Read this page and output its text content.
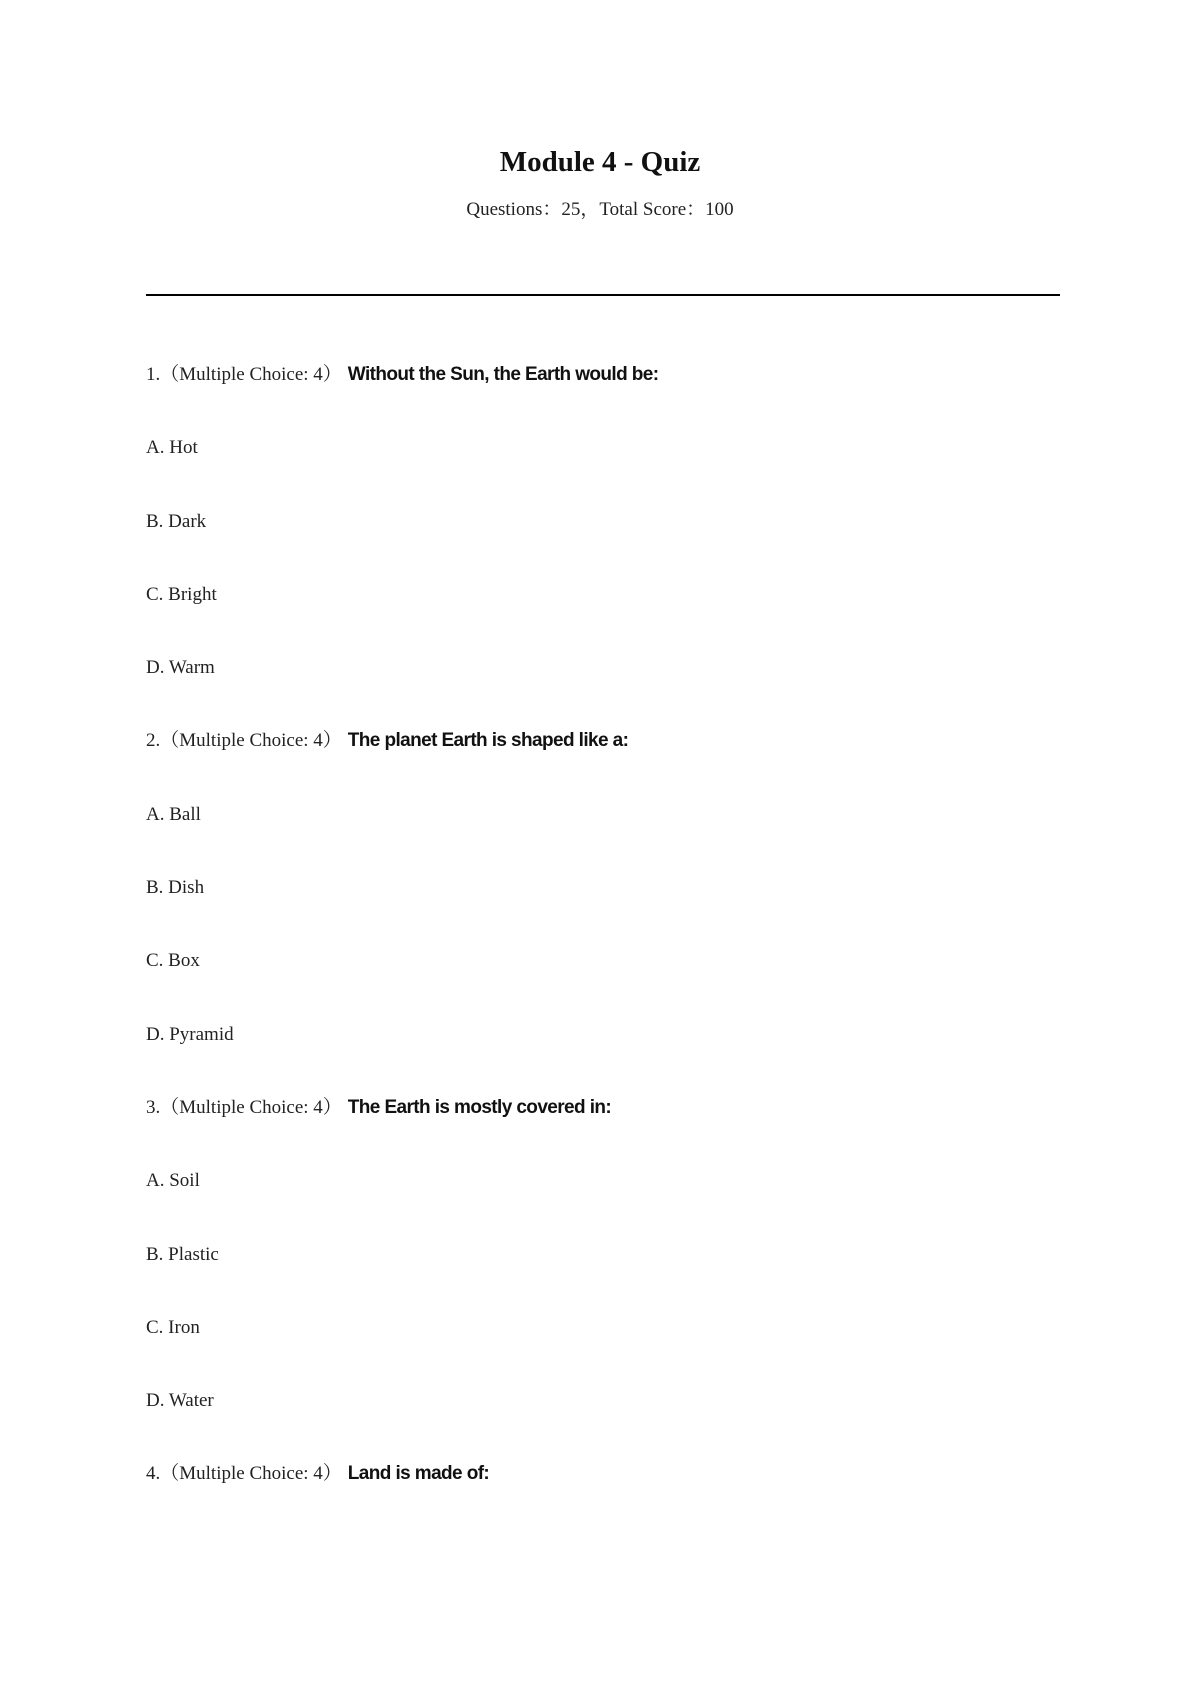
Module 4 - Quiz
Questions：25，Total Score：100
1.（Multiple Choice: 4） Without the Sun, the Earth would be:
A. Hot
B. Dark
C. Bright
D. Warm
2.（Multiple Choice: 4） The planet Earth is shaped like a:
A. Ball
B. Dish
C. Box
D. Pyramid
3.（Multiple Choice: 4） The Earth is mostly covered in:
A. Soil
B. Plastic
C. Iron
D. Water
4.（Multiple Choice: 4） Land is made of:
